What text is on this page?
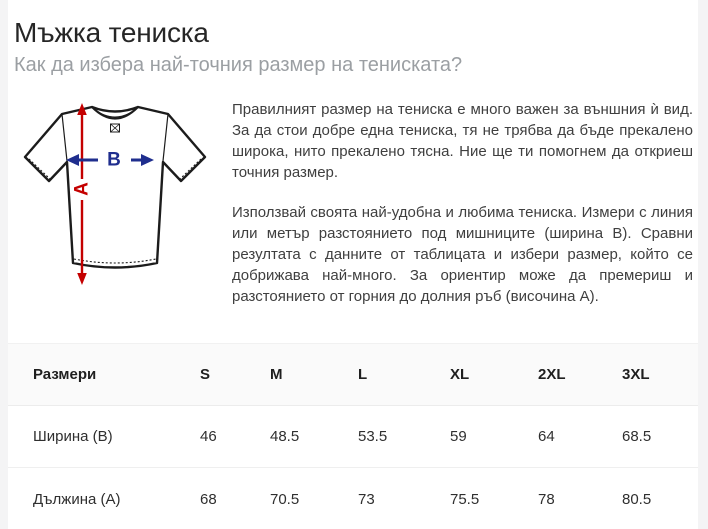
Мъжка тениска
Как да избера най-точния размер на тениската?
А
B

Правилният размер на тениска е много важен за външния ѝ вид. За да стои добре една тениска, тя не трябва да бъде прекалено широка, нито прекалено тясна. Ние ще ти помогнем да откриеш точния размер.

Използвай своята най-удобна и любима тениска. Измери с линия или метър разстоянието под мишниците (ширина B). Сравни резултата с данните от таблицата и избери размер, който се добрижава най-много. За ориентир може да премериш и разстоянието от горния до долния ръб (височина А).

Размери	S	M	L	XL	2XL	3XL
Ширина (B)	46	48.5	53.5	59	64	68.5
Дължина (А)	68	70.5	73	75.5	78	80.5
